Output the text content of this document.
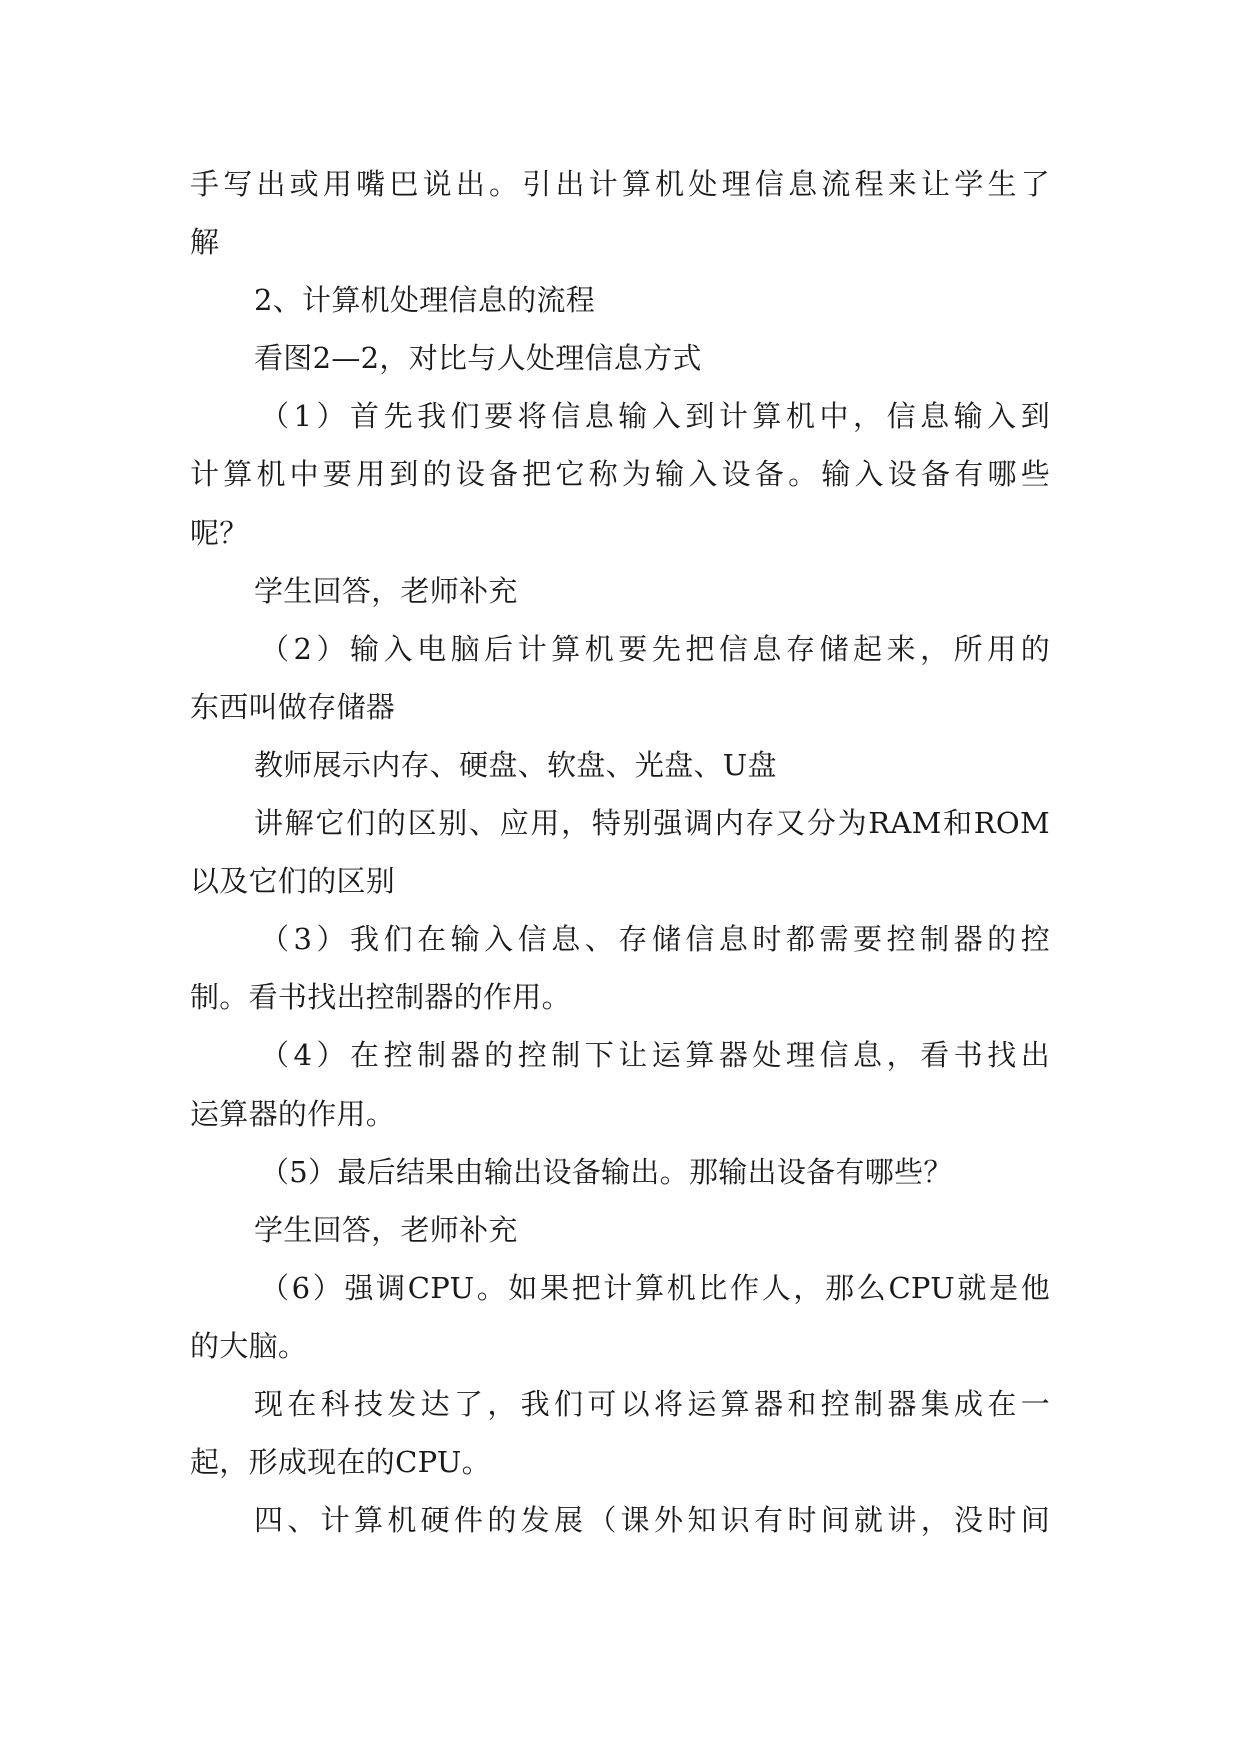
手写出或用嘴巴说出。引出计算机处理信息流程来让学生了
解
2、计算机处理信息的流程
看图2—2，对比与人处理信息方式
（1）首先我们要将信息输入到计算机中，信息输入到
计算机中要用到的设备把它称为输入设备。输入设备有哪些
呢？
学生回答，老师补充
（2）输入电脑后计算机要先把信息存储起来，所用的
东西叫做存储器
教师展示内存、硬盘、软盘、光盘、U盘
讲解它们的区别、应用，特别强调内存又分为RAM和ROM
以及它们的区别
（3）我们在输入信息、存储信息时都需要控制器的控
制。看书找出控制器的作用。
（4）在控制器的控制下让运算器处理信息，看书找出
运算器的作用。
（5）最后结果由输出设备输出。那输出设备有哪些？
学生回答，老师补充
（6）强调CPU。如果把计算机比作人，那么CPU就是他
的大脑。
现在科技发达了，我们可以将运算器和控制器集成在一
起，形成现在的CPU。
四、计算机硬件的发展（课外知识有时间就讲，没时间
